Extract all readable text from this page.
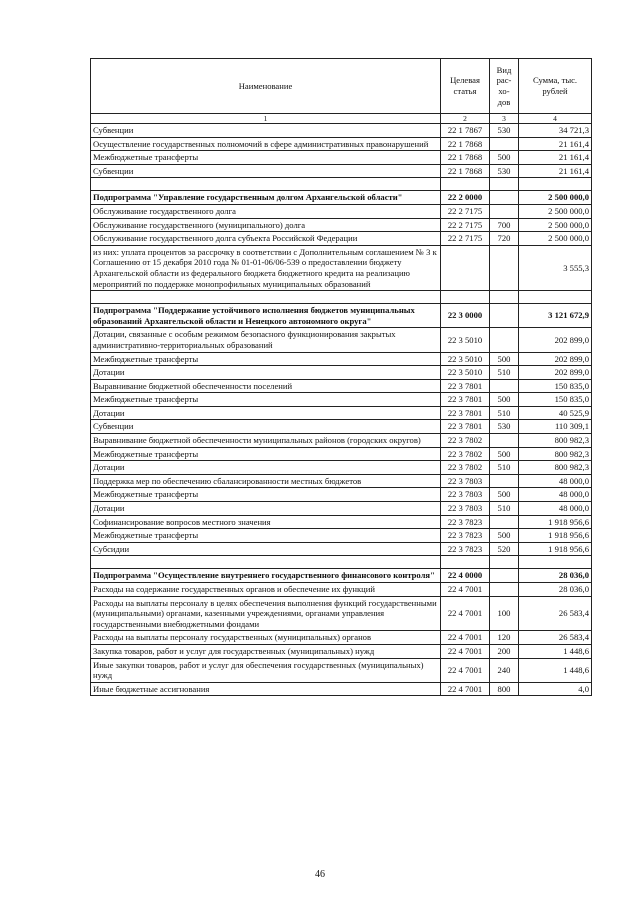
Наименование	Целевая статья	Вид рас- хо- дов	Сумма, тыс. рублей
1	2	3	4
Субвенции	22 1 7867	530	34 721,3
Осуществление государственных полномочий в сфере административных правонарушений	22 1 7868		21 161,4
Межбюджетные трансферты	22 1 7868	500	21 161,4
Субвенции	22 1 7868	530	21 161,4

Подпрограмма "Управление государственным долгом Архангельской области"	22 2 0000		2 500 000,0
Обслуживание государственного долга	22 2 7175		2 500 000,0
Обслуживание государственного (муниципального) долга	22 2 7175	700	2 500 000,0
Обслуживание государственного долга субъекта Российской Федерации	22 2 7175	720	2 500 000,0
из них: уплата процентов за рассрочку в соответствии с Дополнительным соглашением № 3 к Соглашению от 15 декабря 2010 года № 01-01-06/06-539 о предоставлении бюджету Архангельской области из федерального бюджета бюджетного кредита на реализацию мероприятий по поддержке монопрофильных муниципальных образований			3 555,3

Подпрограмма "Поддержание устойчивого исполнения бюджетов муниципальных образований Архангельской области и Ненецкого автономного округа"	22 3 0000		3 121 672,9
Дотации, связанные с особым режимом безопасного функционирования закрытых административно-территориальных образований	22 3 5010		202 899,0
Межбюджетные трансферты	22 3 5010	500	202 899,0
Дотации	22 3 5010	510	202 899,0
Выравнивание бюджетной обеспеченности поселений	22 3 7801		150 835,0
Межбюджетные трансферты	22 3 7801	500	150 835,0
Дотации	22 3 7801	510	40 525,9
Субвенции	22 3 7801	530	110 309,1
Выравнивание бюджетной обеспеченности муниципальных районов (городских округов)	22 3 7802		800 982,3
Межбюджетные трансферты	22 3 7802	500	800 982,3
Дотации	22 3 7802	510	800 982,3
Поддержка мер по обеспечению сбалансированности местных бюджетов	22 3 7803		48 000,0
Межбюджетные трансферты	22 3 7803	500	48 000,0
Дотации	22 3 7803	510	48 000,0
Софинансирование вопросов местного значения	22 3 7823		1 918 956,6
Межбюджетные трансферты	22 3 7823	500	1 918 956,6
Субсидии	22 3 7823	520	1 918 956,6

Подпрограмма "Осуществление внутреннего государственного финансового контроля"	22 4 0000		28 036,0
Расходы на содержание государственных органов и обеспечение их функций	22 4 7001		28 036,0
Расходы на выплаты персоналу в целях обеспечения выполнения функций государственными (муниципальными) органами, казенными учреждениями, органами управления государственными внебюджетными фондами	22 4 7001	100	26 583,4
Расходы на выплаты персоналу государственных (муниципальных) органов	22 4 7001	120	26 583,4
Закупка товаров, работ и услуг для государственных (муниципальных) нужд	22 4 7001	200	1 448,6
Иные закупки товаров, работ и услуг для обеспечения государственных (муниципальных) нужд	22 4 7001	240	1 448,6
Иные бюджетные ассигнования	22 4 7001	800	4,0
46
